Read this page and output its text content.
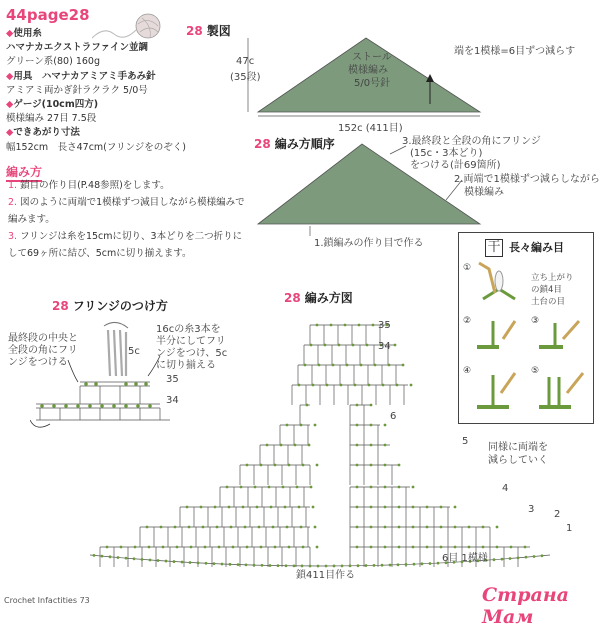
44page28
◆使用糸
ハマナカエクストラファイン並調
グリーン系(80) 160g
◆用具　ハマナカアミアミ手あみ針
アミアミ両かぎ針ラクラク 5/0号
◆ゲージ(10cm四方)
模様編み 27目 7.5段
◆できあがり寸法
幅152cm　長さ47cm(フリンジをのぞく)
編み方
1. 鎖目の作り目(P.48参照)をします。
2. 図のように両端で1模様ずつ減目しながら模様編みで編みます。
3. フリンジは糸を15cmに切り、3本どりを二つ折りにして69ヶ所に結び、5cmに切り揃えます。
28 製図
47c
(35段)
ストール
模様編み
5/0号針
152c (411目)
端を1模様=6目ずつ減らす
28 編み方順序	3.最終段と全段の角にフリンジ
(15c・3本どり)
をつける(計69箇所)
2.両端で1模様ずつ減らしながら
模様編み
1.鎖編みの作り目で作る	干 長々編み目
①
立ち上がり
の鎖4目
土台の目
②	③
④	⑤
28 フリンジのつけ方
最終段の中央と
全段の角にフリ
ンジをつける
16cの糸3本を
半分にしてフリ
ンジをつけ、5c
に切り揃える
5c
35
34
28 編み方図
35
34
6
5
4
3 2
1
同様に両端を
減らしていく
6目 1模様
鎖411目作る
Crochet Infactities 73	Страна Мам
